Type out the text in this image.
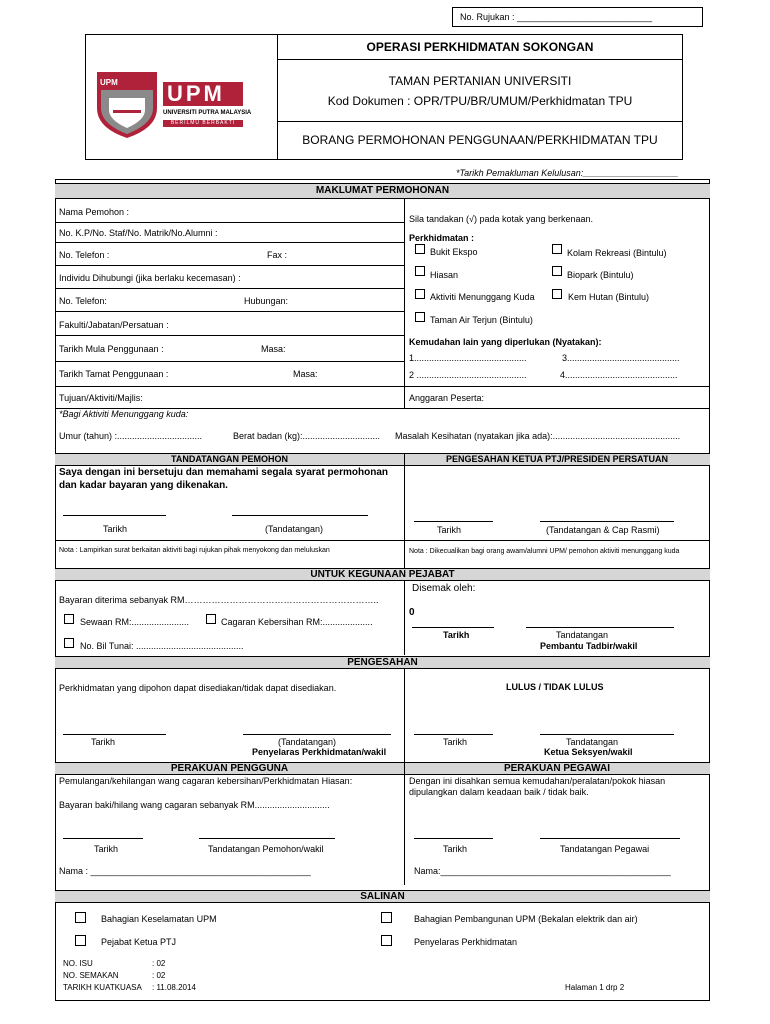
No. Rujukan : ___________________________
OPERASI PERKHIDMATAN SOKONGAN
TAMAN PERTANIAN UNIVERSITI
Kod Dokumen : OPR/TPU/BR/UMUM/Perkhidmatan TPU
BORANG PERMOHONAN PENGGUNAAN/PERKHIDMATAN TPU
UPM UPM
UNIVERSITI PUTRA MALAYSIA
BERILMU BERBAKTI
*Tarikh Pemakluman Kelulusan:___________________
MAKLUMAT PERMOHONAN
Nama Pemohon :
No. K.P/No. Staf/No. Matrik/No.Alumni :
No. Telefon :	Fax :
Individu Dihubungi (jika berlaku kecemasan) :
No. Telefon:	Hubungan:
Fakulti/Jabatan/Persatuan :
Tarikh Mula Penggunaan :	Masa:
Tarikh Tamat Penggunaan :	Masa:
Tujuan/Aktiviti/Majlis:	Anggaran Peserta:
*Bagi Aktiviti Menunggang kuda:
Umur (tahun) :..................................	Berat badan (kg):............................... Masalah Kesihatan (nyatakan jika ada):...................................................
Sila tandakan (√) pada kotak yang berkenaan.
Perkhidmatan :
Bukit Ekspo	Kolam Rekreasi (Bintulu)
Hiasan	Biopark (Bintulu)
Aktiviti Menunggang Kuda	Kem Hutan (Bintulu)
Taman Air Terjun (Bintulu)
Kemudahan lain yang diperlukan (Nyatakan):
1.............................................	3.............................................
2 ............................................	4.............................................
TANDATANGAN PEMOHON	PENGESAHAN KETUA PTJ/PRESIDEN PERSATUAN
Saya dengan ini bersetuju dan memahami segala syarat permohonan dan kadar bayaran yang dikenakan.
Tarikh	(Tandatangan)
Nota : Lampirkan surat berkaitan aktiviti bagi rujukan pihak menyokong dan meluluskan
Tarikh	(Tandatangan & Cap Rasmi)
Nota : Dikecualikan bagi orang awam/alumni UPM/ pemohon aktiviti menunggang kuda
UNTUK KEGUNAAN PEJABAT
Bayaran diterima sebanyak RM………………………………………………………..
Sewaan RM:.......................	Cagaran Kebersihan RM:....................
No. Bil Tunai: ...........................................
Disemak oleh:
0
Tarikh	Tandatangan
Pembantu Tadbir/wakil
PENGESAHAN
Perkhidmatan yang dipohon dapat disediakan/tidak dapat disediakan.	LULUS / TIDAK LULUS
Tarikh	(Tandatangan)
Penyelaras Perkhidmatan/wakil
Tarikh	Tandatangan
Ketua Seksyen/wakil
PERAKUAN PENGGUNA	PERAKUAN PEGAWAI
Pemulangan/kehilangan wang cagaran kebersihan/Perkhidmatan Hiasan:
Bayaran baki/hilang wang cagaran sebanyak RM..............................
Tarikh	Tandatangan Pemohon/wakil
Nama : ____________________________________________
Dengan ini disahkan semua kemudahan/peralatan/pokok hiasan dipulangkan dalam keadaan baik / tidak baik.
Tarikh	Tandatangan Pegawai
Nama:______________________________________________
SALINAN
Bahagian Keselamatan UPM	Bahagian Pembangunan UPM (Bekalan elektrik dan air)
Pejabat Ketua PTJ	Penyelaras Perkhidmatan
NO. ISU	: 02
NO. SEMAKAN	: 02
TARIKH KUATKUASA : 11.08.2014	Halaman 1 drp 2
